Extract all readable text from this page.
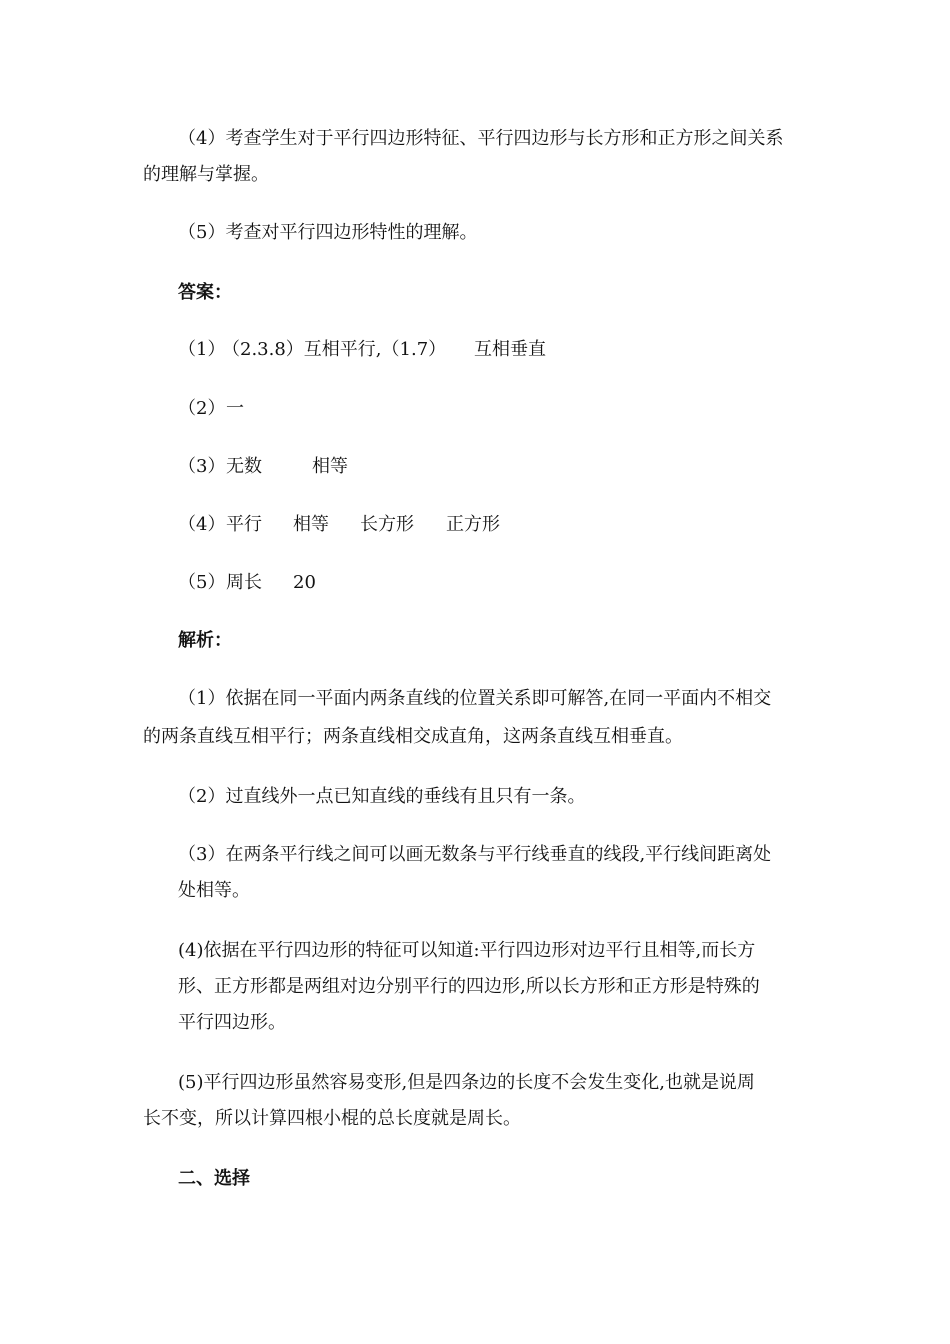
（4）考查学生对于平行四边形特征、平行四边形与长方形和正方形之间关系
的理解与掌握。
（5）考查对平行四边形特性的理解。
答案：
（1）
（2.3.8）互相平行,（1.7） 互相垂直
（2） 一
（3） 无数	相等
（4） 平行 相等 长方形 正方形
（5） 周长 20
解析：
（1）依据在同一平面内两条直线的位置关系即可解答,在同一平面内不相交
的两条直线互相平行；两条直线相交成直角，这两条直线互相垂直。
（2）过直线外一点已知直线的垂线有且只有一条。
（3）在两条平行线之间可以画无数条与平行线垂直的线段,平行线间距离处
处相等。
(4)依据在平行四边形的特征可以知道:平行四边形对边平行且相等,而长方
形、正方形都是两组对边分别平行的四边形,所以长方形和正方形是特殊的
平行四边形。
(5)平行四边形虽然容易变形,但是四条边的长度不会发生变化,也就是说周
长不变，所以计算四根小棍的总长度就是周长。
二、选择
